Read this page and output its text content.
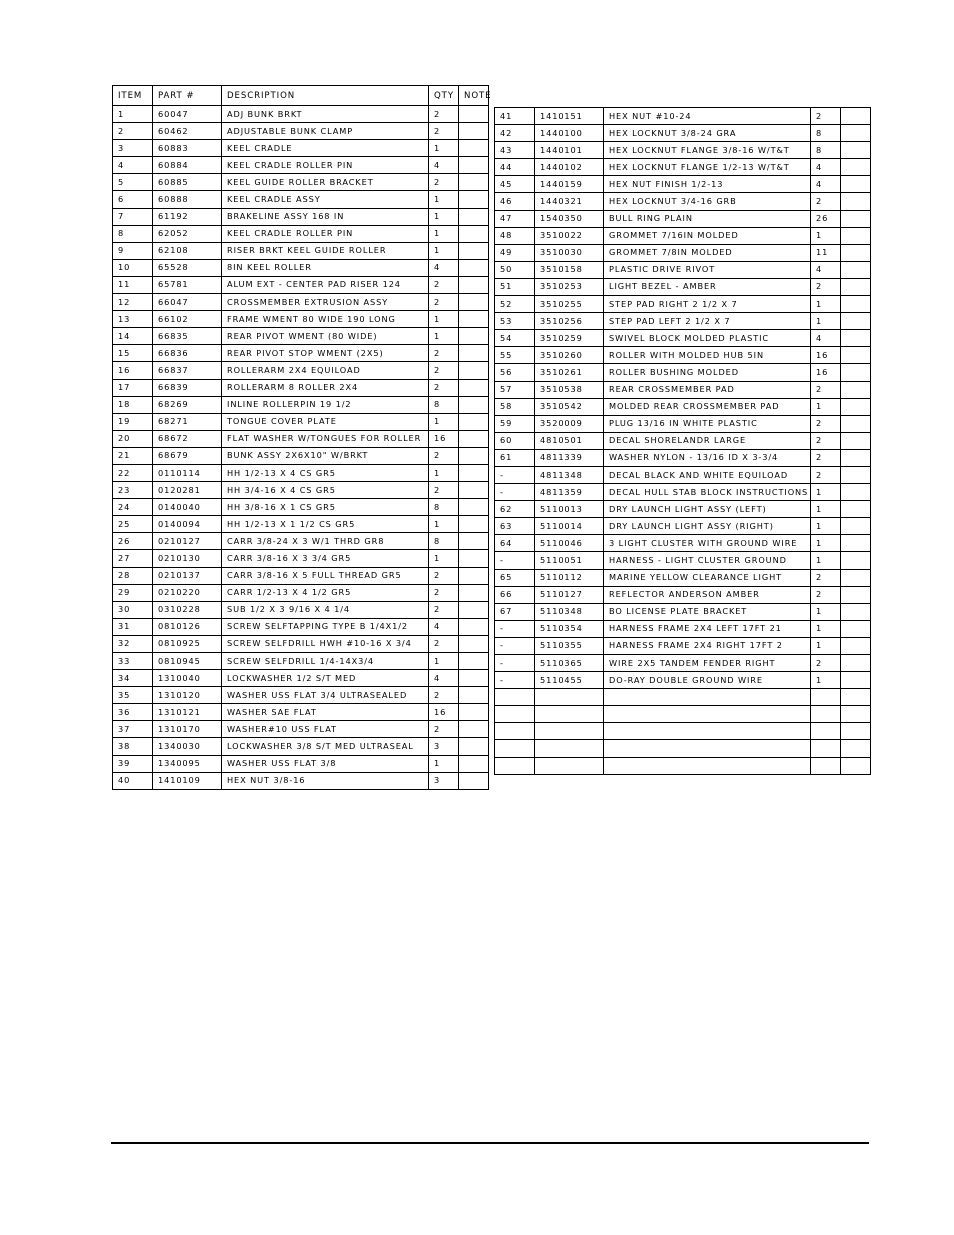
ITEM	PART #	DESCRIPTION	QTY	NOTE
1	60047	ADJ BUNK BRKT	2	
2	60462	ADJUSTABLE BUNK CLAMP	2	
3	60883	KEEL CRADLE	1	
4	60884	KEEL CRADLE ROLLER PIN	4	
5	60885	KEEL GUIDE ROLLER BRACKET	2	
6	60888	KEEL CRADLE ASSY	1	
7	61192	BRAKELINE ASSY 168 IN	1	
8	62052	KEEL CRADLE ROLLER PIN	1	
9	62108	RISER BRKT KEEL GUIDE ROLLER	1	
10	65528	8IN KEEL ROLLER	4	
11	65781	ALUM EXT - CENTER PAD RISER 124	2	
12	66047	CROSSMEMBER EXTRUSION ASSY	2	
13	66102	FRAME WMENT 80 WIDE 190 LONG	1	
14	66835	REAR PIVOT WMENT (80 WIDE)	1	
15	66836	REAR PIVOT STOP WMENT (2X5)	2	
16	66837	ROLLERARM 2X4 EQUILOAD	2	
17	66839	ROLLERARM 8 ROLLER 2X4	2	
18	68269	INLINE ROLLERPIN 19 1/2	8	
19	68271	TONGUE COVER PLATE	1	
20	68672	FLAT WASHER W/TONGUES FOR ROLLER	16	
21	68679	BUNK ASSY 2X6X10" W/BRKT	2	
22	0110114	HH 1/2-13 X 4 CS GR5	1	
23	0120281	HH 3/4-16 X 4 CS GR5	2	
24	0140040	HH 3/8-16 X 1 CS GR5	8	
25	0140094	HH 1/2-13 X 1 1/2 CS GR5	1	
26	0210127	CARR 3/8-24 X 3 W/1 THRD GR8	8	
27	0210130	CARR 3/8-16 X 3 3/4 GR5	1	
28	0210137	CARR 3/8-16 X 5 FULL THREAD GR5	2	
29	0210220	CARR 1/2-13 X 4 1/2 GR5	2	
30	0310228	SUB 1/2 X 3 9/16 X 4 1/4	2	
31	0810126	SCREW SELFTAPPING TYPE B 1/4X1/2	4	
32	0810925	SCREW SELFDRILL HWH #10-16 X 3/4	2	
33	0810945	SCREW SELFDRILL 1/4-14X3/4	1	
34	1310040	LOCKWASHER 1/2 S/T MED	4	
35	1310120	WASHER USS FLAT 3/4 ULTRASEALED	2	
36	1310121	WASHER SAE FLAT	16	
37	1310170	WASHER#10 USS FLAT	2	
38	1340030	LOCKWASHER 3/8 S/T MED ULTRASEAL	3	
39	1340095	WASHER USS FLAT 3/8	1	
40	1410109	HEX NUT 3/8-16	3	
41	1410151	HEX NUT #10-24	2	
42	1440100	HEX LOCKNUT 3/8-24 GRA	8	
43	1440101	HEX LOCKNUT FLANGE 3/8-16 W/T&T	8	
44	1440102	HEX LOCKNUT FLANGE 1/2-13 W/T&T	4	
45	1440159	HEX NUT FINISH 1/2-13	4	
46	1440321	HEX LOCKNUT 3/4-16 GRB	2	
47	1540350	BULL RING PLAIN	26	
48	3510022	GROMMET 7/16IN MOLDED	1	
49	3510030	GROMMET 7/8IN MOLDED	11	
50	3510158	PLASTIC DRIVE RIVOT	4	
51	3510253	LIGHT BEZEL - AMBER	2	
52	3510255	STEP PAD RIGHT 2 1/2 X 7	1	
53	3510256	STEP PAD LEFT 2 1/2 X 7	1	
54	3510259	SWIVEL BLOCK MOLDED PLASTIC	4	
55	3510260	ROLLER WITH MOLDED HUB 5IN	16	
56	3510261	ROLLER BUSHING MOLDED	16	
57	3510538	REAR CROSSMEMBER PAD	2	
58	3510542	MOLDED REAR CROSSMEMBER PAD	1	
59	3520009	PLUG 13/16 IN WHITE PLASTIC	2	
60	4810501	DECAL SHORELANDR LARGE	2	
61	4811339	WASHER NYLON - 13/16 ID X 3-3/4	2	
-	4811348	DECAL BLACK AND WHITE EQUILOAD	2	
-	4811359	DECAL HULL STAB BLOCK INSTRUCTIONS	1	
62	5110013	DRY LAUNCH LIGHT ASSY (LEFT)	1	
63	5110014	DRY LAUNCH LIGHT ASSY (RIGHT)	1	
64	5110046	3 LIGHT CLUSTER WITH GROUND WIRE	1	
-	5110051	HARNESS - LIGHT CLUSTER GROUND	1	
65	5110112	MARINE YELLOW CLEARANCE LIGHT	2	
66	5110127	REFLECTOR ANDERSON AMBER	2	
67	5110348	BO LICENSE PLATE BRACKET	1	
-	5110354	HARNESS FRAME 2X4 LEFT 17FT 21	1	
-	5110355	HARNESS FRAME 2X4 RIGHT 17FT 2	1	
-	5110365	WIRE 2X5 TANDEM FENDER RIGHT	2	
-	5110455	DO-RAY DOUBLE GROUND WIRE	1	
